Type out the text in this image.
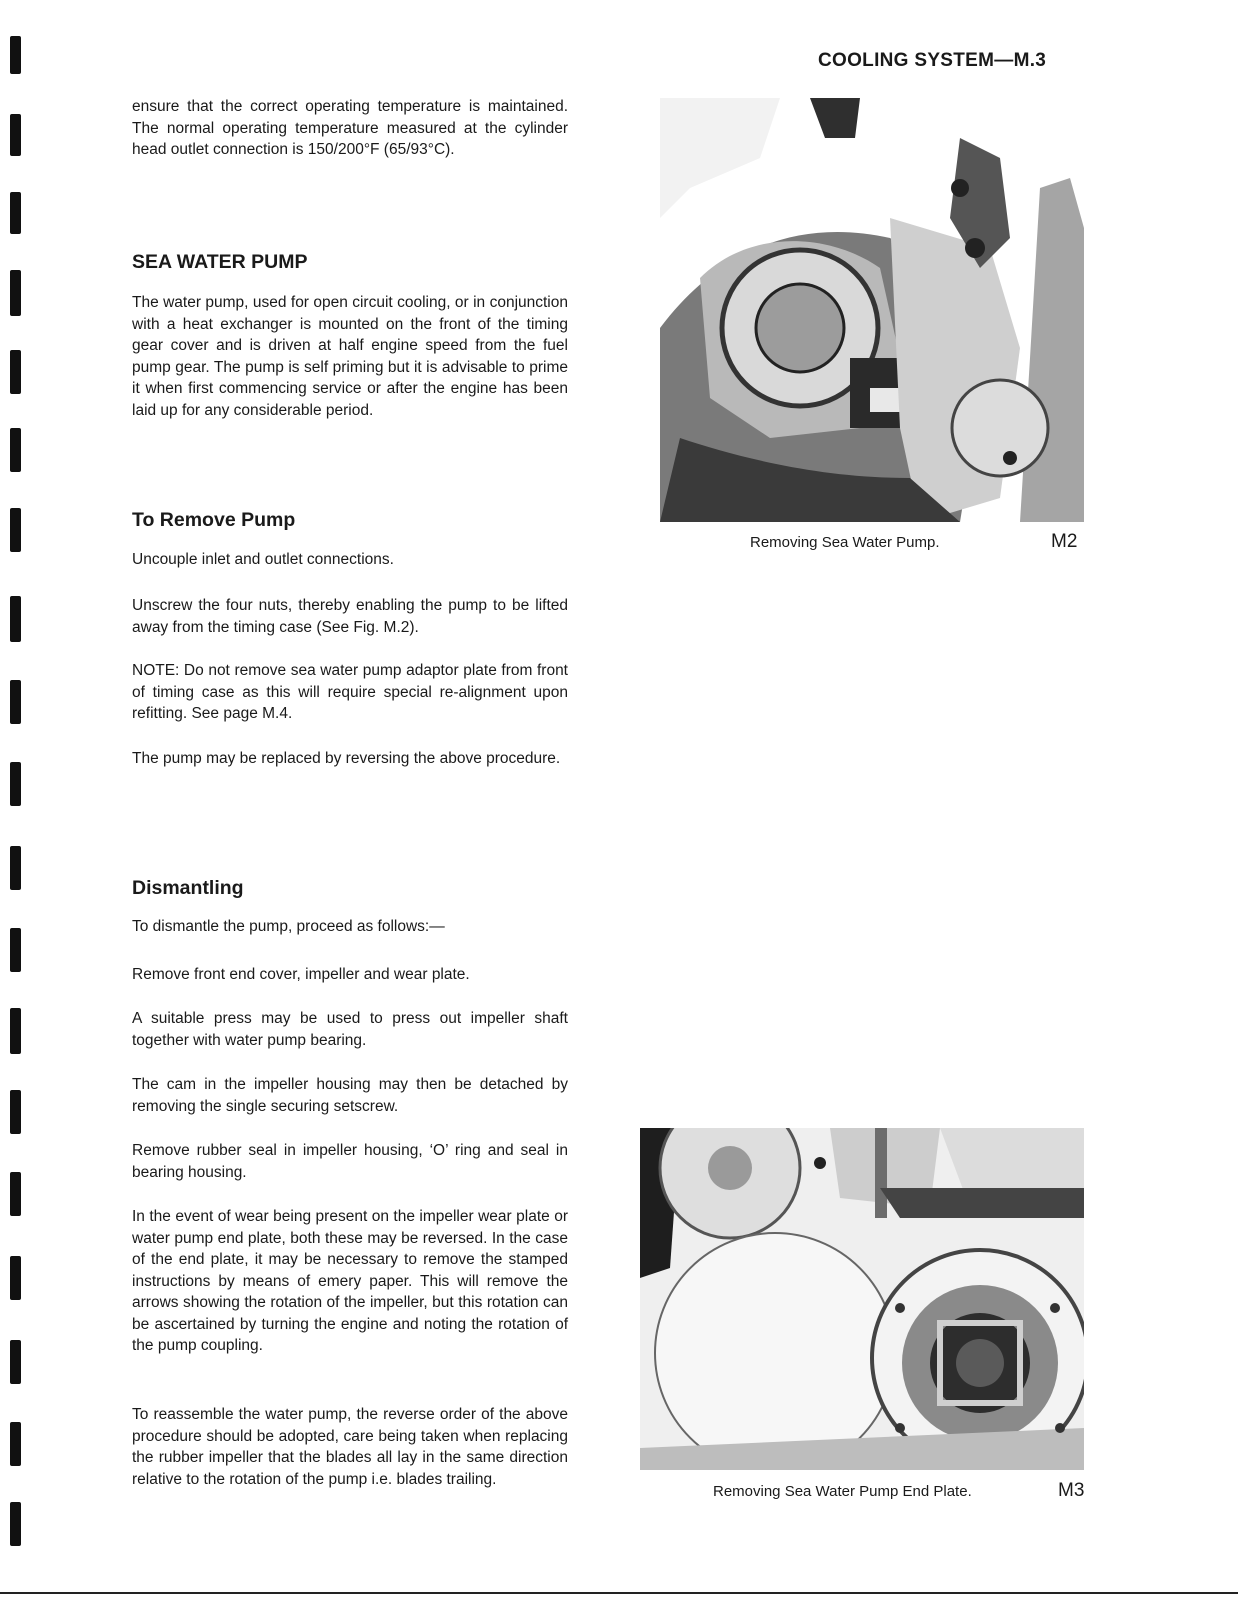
COOLING SYSTEM—M.3

ensure that the correct operating temperature is maintained. The normal operating temperature measured at the cylinder head outlet connection is 150/200°F (65/93°C).

SEA WATER PUMP

The water pump, used for open circuit cooling, or in conjunction with a heat exchanger is mounted on the front of the timing gear cover and is driven at half engine speed from the fuel pump gear. The pump is self priming but it is advisable to prime it when first commencing service or after the engine has been laid up for any considerable period.

To Remove Pump

Uncouple inlet and outlet connections.

Unscrew the four nuts, thereby enabling the pump to be lifted away from the timing case (See Fig. M.2).

NOTE: Do not remove sea water pump adaptor plate from front of timing case as this will require special re-alignment upon refitting. See page M.4.

The pump may be replaced by reversing the above procedure.

Dismantling

To dismantle the pump, proceed as follows:—

Remove front end cover, impeller and wear plate.

A suitable press may be used to press out impeller shaft together with water pump bearing.

The cam in the impeller housing may then be detached by removing the single securing setscrew.

Remove rubber seal in impeller housing, ‘O’ ring and seal in bearing housing.

In the event of wear being present on the impeller wear plate or water pump end plate, both these may be reversed. In the case of the end plate, it may be necessary to remove the stamped instructions by means of emery paper. This will remove the arrows showing the rotation of the impeller, but this rotation can be ascertained by turning the engine and noting the rotation of the pump coupling.

To reassemble the water pump, the reverse order of the above procedure should be adopted, care being taken when replacing the rubber impeller that the blades all lay in the same direction relative to the rotation of the pump i.e. blades trailing.

Removing Sea Water Pump.	M2
Removing Sea Water Pump End Plate.	M3
